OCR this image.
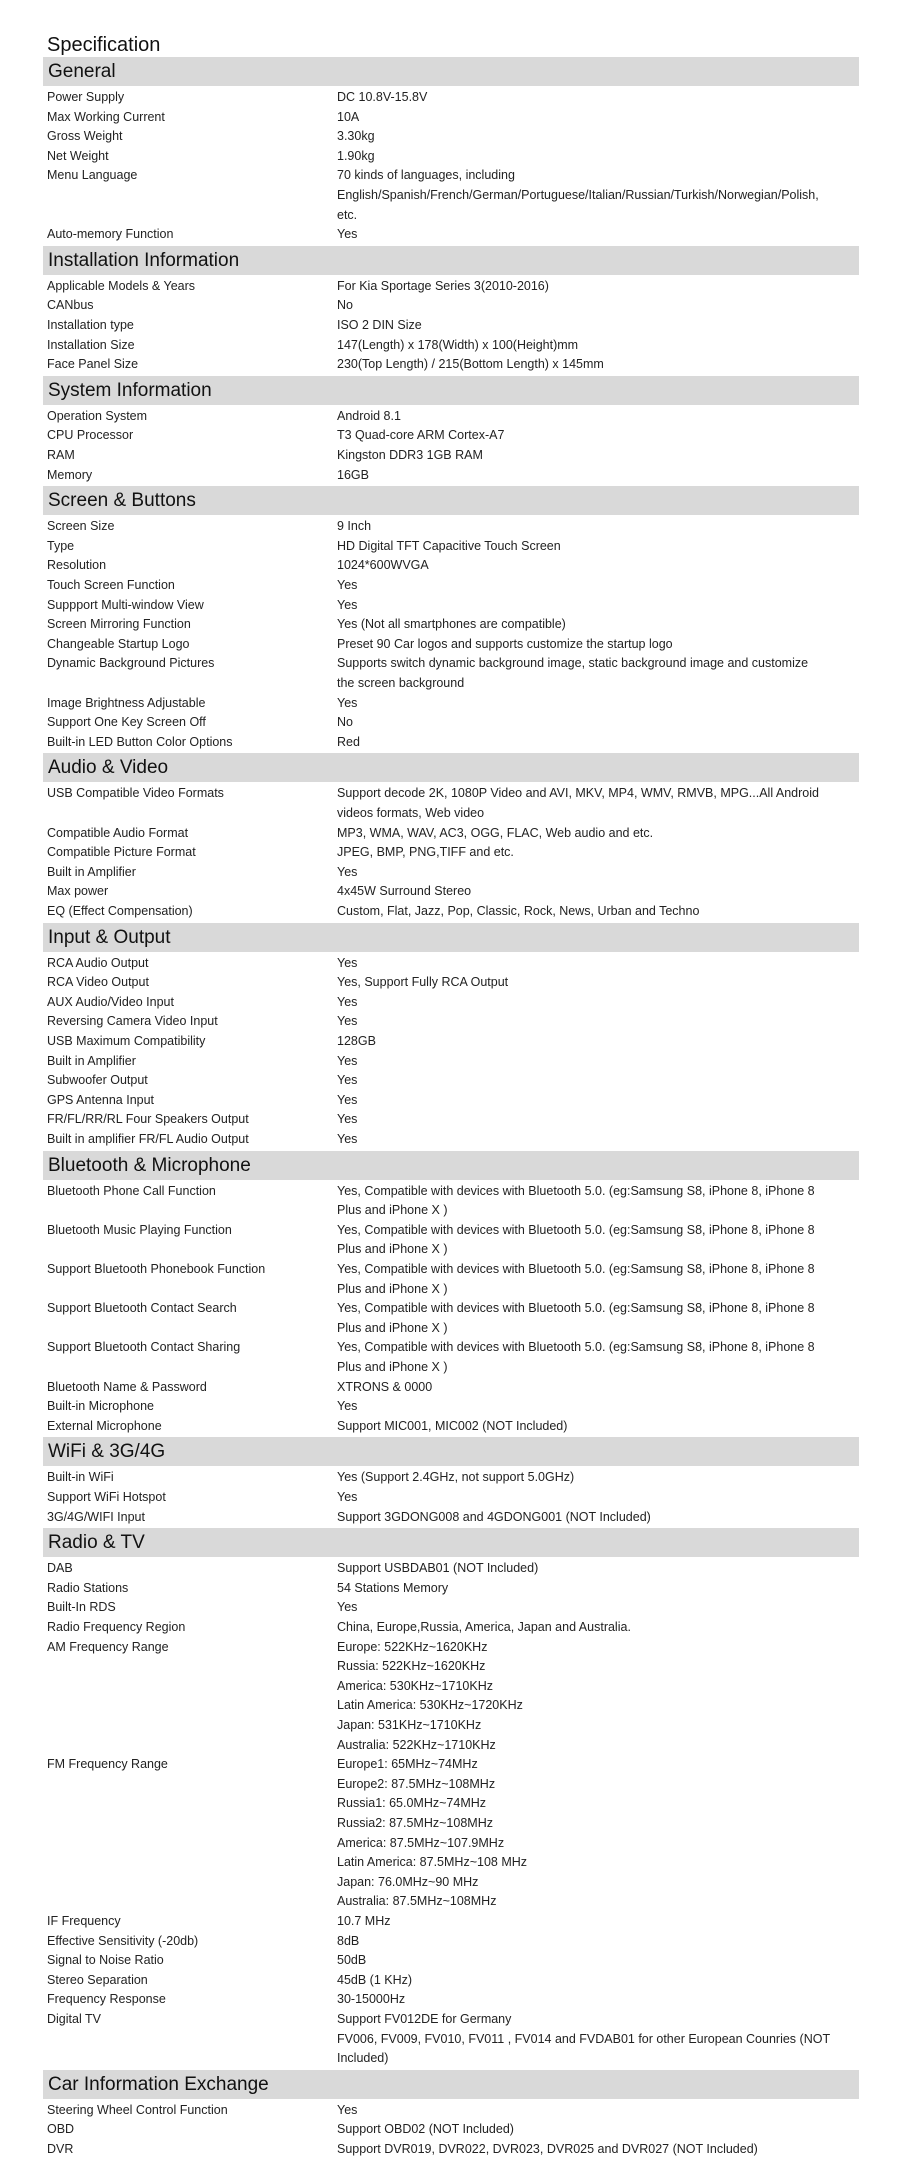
Specification
General
Power Supply	DC 10.8V-15.8V
Max Working Current	10A
Gross Weight	3.30kg
Net Weight	1.90kg
Menu Language	70 kinds of languages, including
English/Spanish/French/German/Portuguese/Italian/Russian/Turkish/Norwegian/Polish,
etc.
Auto-memory Function	Yes
Installation Information
Applicable Models & Years	For Kia Sportage Series 3(2010-2016)
CANbus	No
Installation type	ISO 2 DIN Size
Installation Size	147(Length) x 178(Width) x 100(Height)mm
Face Panel Size	230(Top Length) / 215(Bottom Length) x 145mm
System Information
Operation System	Android 8.1
CPU Processor	T3 Quad-core ARM Cortex-A7
RAM	Kingston DDR3 1GB RAM
Memory	16GB
Screen & Buttons
Screen Size	9 Inch
Type	HD Digital TFT Capacitive Touch Screen
Resolution	1024*600WVGA
Touch Screen Function	Yes
Suppport Multi-window View	Yes
Screen Mirroring Function	Yes (Not all smartphones are compatible)
Changeable Startup Logo	Preset 90 Car logos and supports customize the startup logo
Dynamic Background Pictures	Supports switch dynamic background image, static background image and customize
the screen background
Image Brightness Adjustable	Yes
Support One Key Screen Off	No
Built-in LED Button Color Options	Red
Audio & Video
USB Compatible Video Formats	Support decode 2K, 1080P Video and AVI, MKV, MP4, WMV, RMVB, MPG...All Android
videos formats, Web video
Compatible Audio Format	MP3, WMA, WAV, AC3, OGG, FLAC, Web audio and etc.
Compatible Picture Format	JPEG, BMP, PNG,TIFF and etc.
Built in Amplifier	Yes
Max power	4x45W Surround Stereo
EQ (Effect Compensation)	Custom, Flat, Jazz, Pop, Classic, Rock, News, Urban and Techno
Input & Output
RCA Audio Output	Yes
RCA Video Output	Yes, Support Fully RCA Output
AUX Audio/Video Input	Yes
Reversing Camera Video Input	Yes
USB Maximum Compatibility	128GB
Built in Amplifier	Yes
Subwoofer Output	Yes
GPS Antenna Input	Yes
FR/FL/RR/RL Four Speakers Output	Yes
Built in amplifier FR/FL Audio Output	Yes
Bluetooth & Microphone
Bluetooth Phone Call Function	Yes, Compatible with devices with Bluetooth 5.0. (eg:Samsung S8, iPhone 8, iPhone 8
Plus and iPhone X )
Bluetooth Music Playing Function	Yes, Compatible with devices with Bluetooth 5.0. (eg:Samsung S8, iPhone 8, iPhone 8
Plus and iPhone X )
Support Bluetooth Phonebook Function	Yes, Compatible with devices with Bluetooth 5.0. (eg:Samsung S8, iPhone 8, iPhone 8
Plus and iPhone X )
Support Bluetooth Contact Search	Yes, Compatible with devices with Bluetooth 5.0. (eg:Samsung S8, iPhone 8, iPhone 8
Plus and iPhone X )
Support Bluetooth Contact Sharing	Yes, Compatible with devices with Bluetooth 5.0. (eg:Samsung S8, iPhone 8, iPhone 8
Plus and iPhone X )
Bluetooth Name & Password	XTRONS & 0000
Built-in Microphone	Yes
External Microphone	Support MIC001, MIC002 (NOT Included)
WiFi & 3G/4G
Built-in WiFi	Yes (Support 2.4GHz, not support 5.0GHz)
Support WiFi Hotspot	Yes
3G/4G/WIFI Input	Support 3GDONG008 and 4GDONG001 (NOT Included)
Radio & TV
DAB	Support USBDAB01 (NOT Included)
Radio Stations	54 Stations Memory
Built-In RDS	Yes
Radio Frequency Region	China, Europe,Russia, America, Japan and Australia.
AM Frequency Range	Europe: 522KHz~1620KHz
Russia: 522KHz~1620KHz
America: 530KHz~1710KHz
Latin America: 530KHz~1720KHz
Japan: 531KHz~1710KHz
Australia: 522KHz~1710KHz
FM Frequency Range	Europe1: 65MHz~74MHz
Europe2: 87.5MHz~108MHz
Russia1: 65.0MHz~74MHz
Russia2: 87.5MHz~108MHz
America: 87.5MHz~107.9MHz
Latin America: 87.5MHz~108 MHz
Japan: 76.0MHz~90 MHz
Australia: 87.5MHz~108MHz
IF Frequency	10.7 MHz
Effective Sensitivity (-20db)	8dB
Signal to Noise Ratio	50dB
Stereo Separation	45dB (1 KHz)
Frequency Response	30-15000Hz
Digital TV	Support FV012DE for Germany
FV006, FV009, FV010, FV011 , FV014 and FVDAB01 for other European Counries (NOT
Included)
Car Information Exchange
Steering Wheel Control Function	Yes
OBD	Support OBD02 (NOT Included)
DVR	Support DVR019, DVR022, DVR023, DVR025 and DVR027 (NOT Included)
